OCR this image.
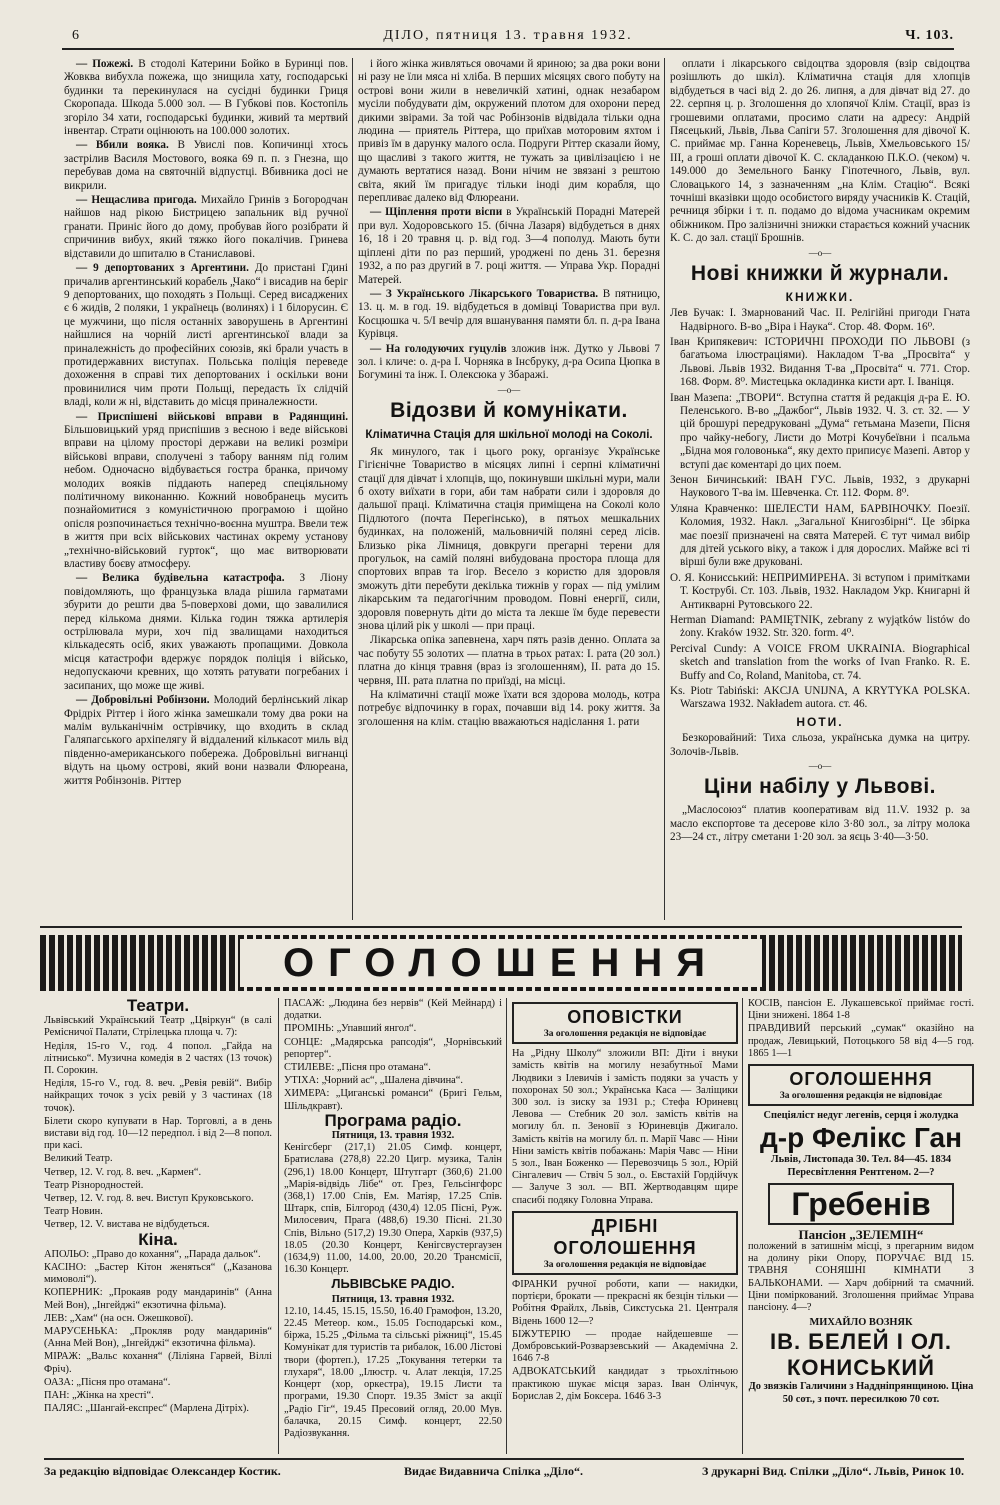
6	ДІЛО, пятниця 13. травня 1932.	Ч. 103.

— Пожежі. В стодолі Катерини Бойко в Буринці пов. Жовква вибухла пожежа, що знищила хату, господарські будинки та перекинулася на сусідні будинки Гриця Скоропада. Шкода 5.000 зол. — В Губкові пов. Костопіль згоріло 34 хати, господарські будинки, живий та мертвий інвентар. Страти оцінюють на 100.000 золотих.

— Вбили вояка. В Увислі пов. Копичинці хтось застрілив Василя Мостового, вояка 69 п. п. з Гнезна, що перебував дома на святочній відпустці. Вбивника досі не викрили.

— Нещаслива пригода. Михайло Гринів з Богородчан найшов над рікою Бистрицею запальник від ручної гранати. Приніс його до дому, пробував його розібрати й спричинив вибух, який тяжко його покалічив. Гринева відставили до шпиталю в Станиславові.

— 9 депортованих з Аргентини. До пристані Гдині причалив аргентинський корабель „Чако“ і висадив на беріг 9 депортованих, що походять з Польщі. Серед висаджених є 6 жидів, 2 поляки, 1 українець (волинях) і 1 білорусин. Є це мужчини, що після останніх заворушень в Аргентині найшлися на чорній листі аргентинської влади за приналежність до професійних союзів, які брали участь в протидержавних виступах. Польська поліція переведе дохоження в справі тих депортованих і оскільки вони провинилися чим проти Польщі, передасть їх слідчій владі, коли ж ні, відставить до місця приналежности.

— Приспішені військові вправи в Радянщині. Більшовицький уряд приспішив з весною і веде військові вправи на цілому просторі держави на великі розміри військові вправи, сполучені з табору ванням під голим небом. Одночасно відбувається гостра бранка, причому молодих вояків піддають наперед спеціяльному політичному виконанню. Кожний новобранець мусить познайомитися з комуністичною програмою і щойно опісля розпочинається технічно-воєнна муштра. Ввели теж в життя при всіх військових частинах окрему установу „технічно-військовий гурток“, що має витворювати властиву боєву атмосферу.

— Велика будівельна катастрофа. З Ліону повідомляють, що французька влада рішила гарматами збурити до решти два 5-поверхові доми, що завалилися перед кількома днями. Кілька годин тяжка артилерія острілювала мури, хоч під звалищами находиться кількадесять осіб, яких уважають пропащими. Довкола місця катастрофи вдержує порядок поліція і військо, недопускаючи кревних, що хотять ратувати погребаних і засипаних, що може ще живі.

— Добровільні Робінзони. Молодий берлінський лікар Фрідріх Ріттер і його жінка замешкали тому два роки на малім вульканічнім острівчику, що входить в склад Галяпагського архіпелягу й віддалений кількасот миль від південно-американського побережа. Добровільні вигнанці відуть на цьому острові, який вони назвали Флюреана, життя Робінзонів. Ріттер

і його жінка живляться овочами й яриною; за два роки вони ні разу не їли мяса ні хліба. В перших місяцях свого побуту на острові вони жили в невеличкій хатині, однак незабаром мусіли побудувати дім, окружений плотом для охорони перед дикими звірами. За той час Робінзонів відвідала тільки одна людина — приятель Ріттера, що приїхав моторовим яхтом і привіз їм в дарунку малого осла. Подруги Ріттер сказали йому, що щасливі з такого життя, не тужать за цивілізацією і не думають вертатися назад. Вони нічим не звязані з рештою світа, який їм пригадує тільки іноді дим корабля, що перепливає далеко від Флюреани.

— Щіплення проти віспи в Українській Порадні Матерей при вул. Ходоровського 15. (бічна Лазаря) відбудеться в днях 16, 18 і 20 травня ц. р. від год. 3—4 пополуд. Мають бути щіплені діти по раз перший, уроджені по день 31. березня 1932, а по раз другий в 7. році життя. — Управа Укр. Порадні Матерей.

— З Українського Лікарського Товариства. В пятницю, 13. ц. м. в год. 19. відбудеться в домівці Товариства при вул. Косцюшка ч. 5/І вечір для вшанування памяти бл. п. д-ра Івана Курівця.

— На голодуючих гуцулів зложив інж. Дутко у Львові 7 зол. і кличе: о. д-ра І. Чорняка в Інсбруку, д-ра Осипа Цюпка в Богумині та інж. І. Олексюка у Збаражі.

—o—
Відозви й комунікати.
Кліматична Стація для шкільної молоді на Соколі.

Як минулого, так і цього року, організує Українське Гігієнічне Товариство в місяцях липні і серпні кліматичні стації для дівчат і хлопців, що, покинувши шкільні мури, мали б охоту виїхати в гори, аби там набрати сили і здоровля до дальшої праці. Кліматична стація приміщена на Соколі коло Підлютого (почта Перегінсько), в пятьох мешкальних будинках, на положеній, мальовничій поляні серед лісів. Близько ріка Лімниця, довкруги прегарні терени для прогульок, на самій поляні вибудована простора площа для спортових вправ та ігор. Весело з користю для здоровля зможуть діти перебути декілька тижнів у горах — під умілим лікарським та педагогічним проводом. Повні енергії, сили, здоровля повернуть діти до міста та лекше їм буде перевести знова цілий рік у школі — при праці.

Лікарська опіка запевнена, харч пять разів денно. Оплата за час побуту 55 золотих — платна в трьох ратах: І. рата (20 зол.) платна до кінця травня (враз із зголошенням), ІІ. рата до 15. червня, ІІІ. рата платна по приїзді, на місці.

На кліматичні стації може їхати вся здорова молодь, котра потребує відпочинку в горах, почавши від 14. року життя. За зголошення на клім. стацію вважаються надіслання 1. рати

оплати і лікарського свідоцтва здоровля (взір свідоцтва розішлють до шкіл). Кліматична стація для хлопців відбудеться в часі від 2. до 26. липня, а для дівчат від 27. до 22. серпня ц. р. Зголошення до хлопячої Клім. Стації, враз із грошевими оплатами, просимо слати на адресу: Андрій Пясецький, Львів, Льва Сапіги 57. Зголошення для дівочої К. С. приймає мр. Ганна Кореневець, Львів, Хмельовського 15/ІІІ, а гроші оплати дівочої К. С. складанкою П.К.О. (чеком) ч. 149.000 до Земельного Банку Гіпотечного, Львів, вул. Словацького 14, з зазначенням „на Клім. Стацію“. Всякі точніші вказівки щодо особистого виряду учасників К. Стацій, речниця збірки і т. п. подамо до відома учасникам окремим обіжником. Про залізничні знижки старається кожний учасник К. С. до зал. стації Брошнів.

—o—
Нові книжки й журнали.
КНИЖКИ.

Лев Бучак: І. Змарнований Час. ІІ. Релігійні пригоди Гната Надвірного. В-во „Віра і Наука“. Стор. 48. Форм. 16⁰.

Іван Крипякевич: ІСТОРИЧНІ ПРОХОДИ ПО ЛЬВОВІ (з багатьома ілюстраціями). Накладом Т-ва „Просвіта“ у Львові. Львів 1932. Видання Т-ва „Просвіта“ ч. 771. Стор. 168. Форм. 8⁰. Мистецька окладинка кисти арт. І. Іваніця.

Іван Мазепа: „ТВОРИ“. Вступна стаття й редакція д-ра Е. Ю. Пеленського. В-во „Дажбог“, Львів 1932. Ч. 3. ст. 32. — У цій брошурі передруковані „Дума“ гетьмана Мазепи, Пісня про чайку-небогу, Листи до Мотрі Кочубеївни і псальма „Бідна моя головонька“, яку дехто приписує Мазепі. Автор у вступі дає коментарі до цих поем.

Зенон Бичинський: ІВАН ГУС. Львів, 1932, з друкарні Наукового Т-ва ім. Шевченка. Ст. 112. Форм. 8⁰.

Уляна Кравченко: ШЕЛЕСТИ НАМ, БАРВІНОЧКУ. Поезії. Коломия, 1932. Накл. „Загальної Книгозбірні“. Це збірка має поезії призначені на свята Матерей. Є тут чимал вибір для дітей уського віку, а також і для дорослих. Майже всі ті вірші були вже друковані.

О. Я. Конисський: НЕПРИМИРЕНА. Зі вступом і примітками Т. Кострубі. Ст. 103. Львів, 1932. Накладом Укр. Книгарні й Антикварні Рутовського 22.

Herman Diamand: PAMIĘTNIK, zebrany z wyjątków listów do żony. Kraków 1932. Str. 320. form. 4⁰.

Percival Cundy: A VOICE FROM UKRAINIA. Biographical sketch and translation from the works of Ivan Franko. R. E. Buffy and Co, Roland, Manitoba, ст. 74.

Ks. Piotr Tabiński: AKCJA UNIJNA, A KRYTYKA POLSKA. Warszawa 1932. Nakładem autora. ст. 46.

НОТИ.

Безкоровайний: Тиха сльоза, українська думка на цитру. Золочів-Львів.

—o—
Ціни набілу у Львові.

„Маслосоюз“ платив кооперативам від 11.V. 1932 р. за масло експортове та десерове кіло 3·80 зол., за літру молока 23—24 ст., літру сметани 1·20 зол. за яєць 3·40—3·50.

ОГОЛОШЕННЯ
Театри.

Львівський Український Театр „Цвіркун“ (в салі Ремісничої Палати, Стрілецька площа ч. 7):

Неділя, 15-го V., год. 4 попол. „Гайда на літнисько“. Музична комедія в 2 частях (13 точок) П. Сорокин.

Неділя, 15-го V., год. 8. веч. „Ревія ревій“. Вибір найкращих точок з усіх ревій у 3 частинах (18 точок).

Білети скоро купувати в Нар. Торговлі, а в день вистави від год. 10—12 передпол. і від 2—8 попол. при касі.

Великий Театр.

Четвер, 12. V. год. 8. веч. „Кармен“.

Театр Різнородностей.

Четвер, 12. V. год. 8. веч. Виступ Круковського.

Театр Новин.

Четвер, 12. V. вистава не відбудеться.

Кіна.

АПОЛЬО: „Право до кохання“, „Парада дальок“.

КАСІНО: „Бастер Кітон женяться“ („Казанова мимоволі“).

КОПЕРНИК: „Прокаяв роду мандаринів“ (Анна Мей Вон), „Інгейджі“ екзотична фільма).

ЛЕВ: „Хам“ (на осн. Ожешкової).

МАРУСЕНЬКА: „Прокляв роду мандаринів“ (Анна Мей Вон), „Інгейджі“ екзотична фільма).

МІРАЖ: „Вальс кохання“ (Ліліяна Гарвей, Віллі Фріч).

ОАЗА: „Пісня про отамана“.

ПАН: „Жінка на хресті“.

ПАЛЯС: „Шангай-експрес“ (Марлена Дітріх).

ПАСАЖ: „Людина без нервів“ (Кей Мейнард) і додатки.

ПРОМІНЬ: „Упавший янгол“.

СОНЦЕ: „Мадярська рапсодія“, „Чорнівський репортер“.

СТИЛЕВЕ: „Пісня про отамана“.

УТІХА: „Чорний ас“, „Шалена дівчина“.

ХИМЕРА: „Циганські романси“ (Бригі Гельм, Шільдкравт).

Програма радіо.
Пятниця, 13. травня 1932.

Кенігсберг (217,1) 21.05 Симф. концерт, Братислава (278,8) 22.20 Цигр. музика, Талін (296,1) 18.00 Концерт, Штутгарт (360,6) 21.00 „Марія-відвідь Лібе“ от. Грез, Гельсінгфорс (368,1) 17.00 Спів, Ем. Матіяр, 17.25 Спів. Штарк, спів, Білгород (430,4) 12.05 Пісні, Руж. Милосевич, Прага (488,6) 19.30 Пісні. 21.30 Спів, Вільно (517,2) 19.30 Опера, Харків (937,5) 18.05 (20.30 Концерт, Кенігсвустергаузен (1634,9) 11.00, 14.00, 20.00, 20.20 Трансмісії, 16.30 Концерт.

ЛЬВІВСЬКЕ РАДІО.
Пятниця, 13. травня 1932.

12.10, 14.45, 15.15, 15.50, 16.40 Грамофон, 13.20, 22.45 Метеор. ком., 15.05 Господарські ком., біржа, 15.25 „Фільма та сільські ріжниці“, 15.45 Комунікат для туристів та рибалок, 16.00 Лістові твори (фортеп.), 17.25 „Токування тетерки та глухаря“, 18.00 „Ілюстр. ч. Алат лекція, 17.25 Концерт (хор, оркестра), 19.15 Листи та програми, 19.30 Спорт. 19.35 Зміст за акції „Радіо Гіг“, 19.45 Пресовий огляд, 20.00 Мув. балачка, 20.15 Симф. концерт, 22.50 Радіозвукання.

ОПОВІСТКИ
За оголошення редакція не відповідає

На „Рідну Школу“ зложили ВП: Діти і внуки замість квітів на могилу незабутньої Мами Людвики з Ілевичів і замість подяки за участь у похоронах 50 зол.; Українська Каса — Заліщики 300 зол. із зиску за 1931 р.; Стефа Юриневц Левова — Стебник 20 зол. замість квітів на могилу бл. п. Зеновії з Юриневців Джигало. Замість квітів на могилу бл. п. Марії Чавс — Ніни Ніни замість квітів побажань: Марія Чавс — Ніни 5 зол., Іван Боженко — Перевозчиць 5 зол., Юрій Сінгалевич — Ствіч 5 зол., о. Евстахій Гордійчук — Залуче 3 зол. — ВП. Жертводавцям щире спасибі подяку Головна Управа.

ДРІБНІ ОГОЛОШЕННЯ
За оголошення редакція не відповідає

ФІРАНКИ ручної роботи, капи — накидки, портієри, брокати — прекрасні як безцін тільки — Робітня Фрайлх, Львів, Сикстуська 21. Центрaля Відень 1600 12—?

БІЖУТЕРІЮ — продае найдешевше — Домбровський-Розварзевський — Академічна 2. 1646 7-8

АДВОКАТСЬКИЙ кандидат з трьохлітньою практикою шукає місця зараз. Іван Олінчук, Борислав 2, дім Боксера. 1646 3-3

КОСІВ, пансіон Е. Лукашевської приймає гості. Ціни знижені. 1864 1-8

ПРАВДИВИЙ перський „сумак“ оказійно на продаж, Левицький, Потоцького 58 від 4—5 год. 1865 1—1

ОГОЛОШЕННЯ
За оголошення редакція не відповідає
Спеціяліст недуг легенів, серця і жолудка
д-р Фелікс Ган

Львів, Листопада 30. Тел. 84—45. 1834 Пересвітлення Рентгеном. 2—?

Гребенів
Пансіон „ЗЕЛЕМІН“

положений в затишнім місці, з прегарним видом на долину ріки Опору, ПОРУЧАЄ ВІД 15. ТРАВНЯ СОНЯШНІ КІМНАТИ З БАЛЬКОНАМИ. — Харч добірний та смачний. Ціни поміркований. Зголошення приймає Управа пансіону. 4—?

МИХАЙЛО ВОЗНЯК
ІВ. БЕЛЕЙ І ОЛ. КОНИСЬКИЙ

До звязків Галичини з Наддніпрянщиною. Ціна 50 сот., з почт. пересилкою 70 сот.

За редакцію відповідає Олександер Костик.	Видає Видавнича Спілка „Діло“.	З друкарні Вид. Спілки „Діло“. Львів, Ринок 10.
